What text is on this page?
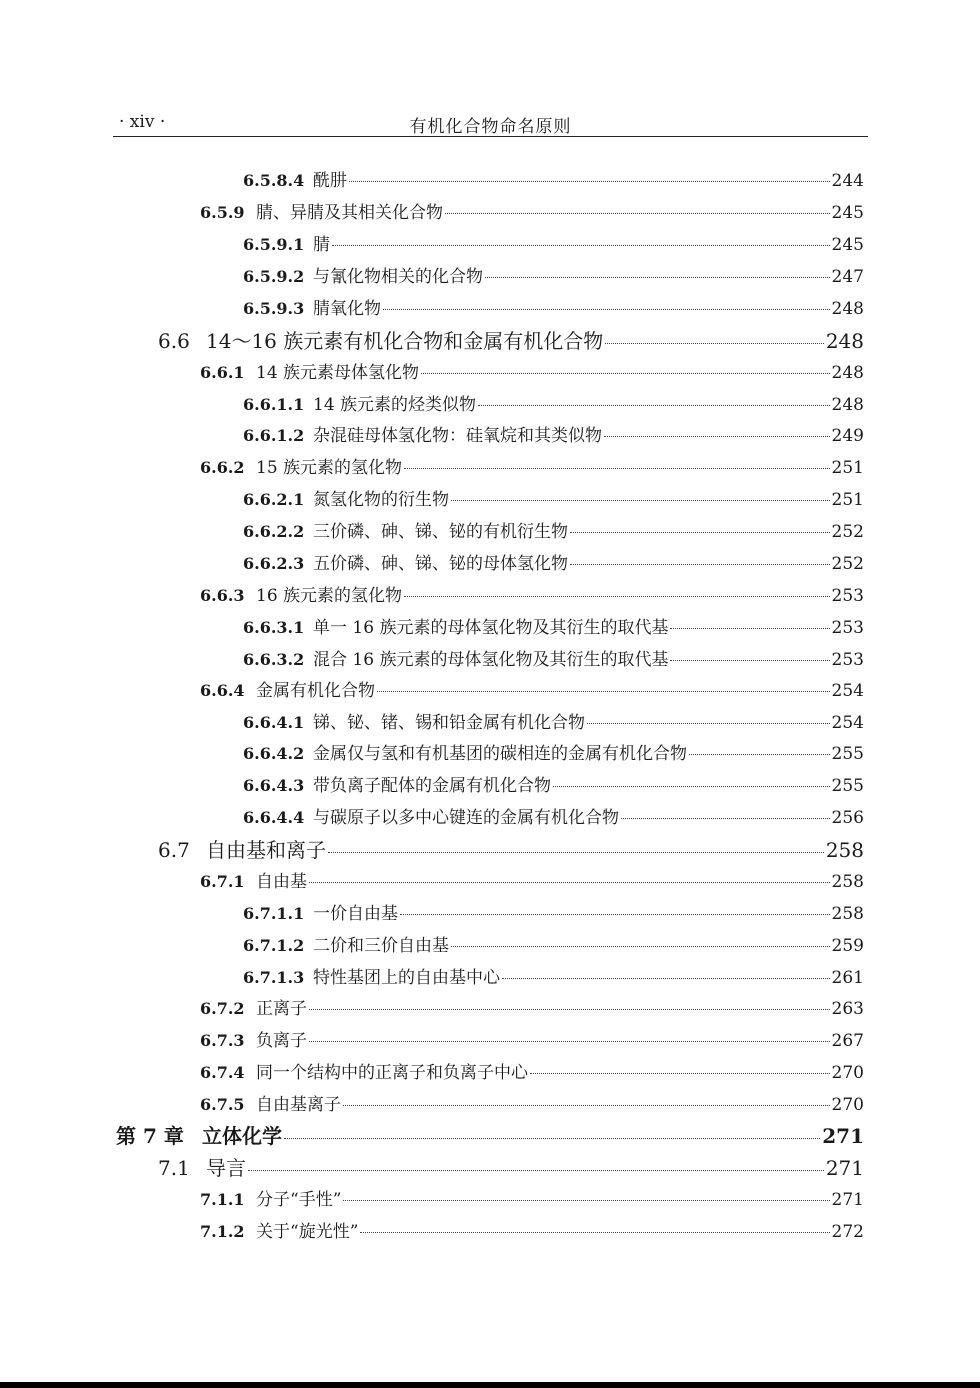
· xiv ·	有机化合物命名原则
6.5.8.4 酰肼	244
6.5.9 腈、异腈及其相关化合物	245
6.5.9.1 腈	245
6.5.9.2 与氰化物相关的化合物	247
6.5.9.3 腈氧化物	248
6.6 14～16 族元素有机化合物和金属有机化合物	248
6.6.1 14 族元素母体氢化物	248
6.6.1.1 14 族元素的烃类似物	248
6.6.1.2 杂混硅母体氢化物：硅氧烷和其类似物	249
6.6.2 15 族元素的氢化物	251
6.6.2.1 氮氢化物的衍生物	251
6.6.2.2 三价磷、砷、锑、铋的有机衍生物	252
6.6.2.3 五价磷、砷、锑、铋的母体氢化物	252
6.6.3 16 族元素的氢化物	253
6.6.3.1 单一 16 族元素的母体氢化物及其衍生的取代基	253
6.6.3.2 混合 16 族元素的母体氢化物及其衍生的取代基	253
6.6.4 金属有机化合物	254
6.6.4.1 锑、铋、锗、锡和铅金属有机化合物	254
6.6.4.2 金属仅与氢和有机基团的碳相连的金属有机化合物	255
6.6.4.3 带负离子配体的金属有机化合物	255
6.6.4.4 与碳原子以多中心键连的金属有机化合物	256
6.7 自由基和离子	258
6.7.1 自由基	258
6.7.1.1 一价自由基	258
6.7.1.2 二价和三价自由基	259
6.7.1.3 特性基团上的自由基中心	261
6.7.2 正离子	263
6.7.3 负离子	267
6.7.4 同一个结构中的正离子和负离子中心	270
6.7.5 自由基离子	270
第 7 章 立体化学	271
7.1 导言	271
7.1.1 分子“手性”	271
7.1.2 关于“旋光性”	272
